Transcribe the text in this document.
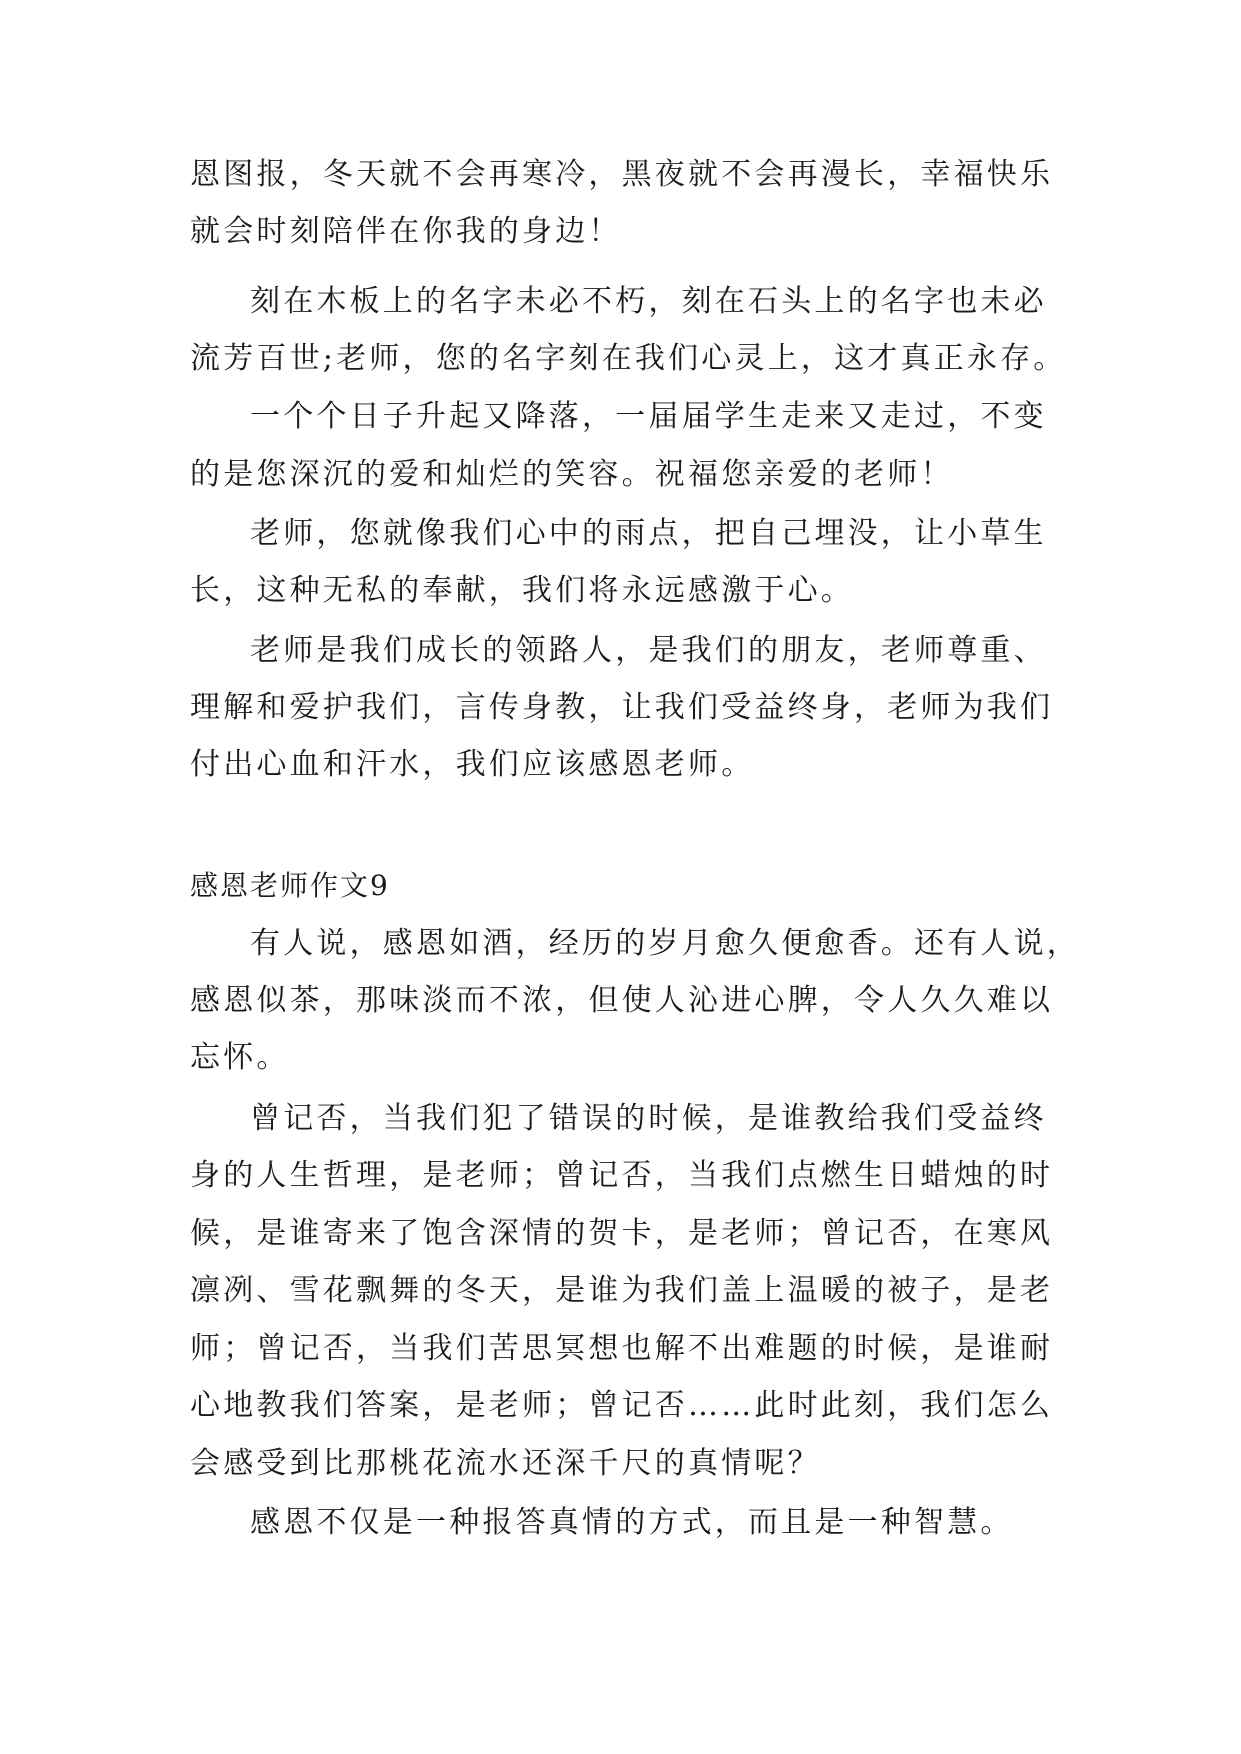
恩图报，冬天就不会再寒冷，黑夜就不会再漫长，幸福快乐
就会时刻陪伴在你我的身边！
刻在木板上的名字未必不朽，刻在石头上的名字也未必
流芳百世;老师，您的名字刻在我们心灵上，这才真正永存。
一个个日子升起又降落，一届届学生走来又走过，不变
的是您深沉的爱和灿烂的笑容。祝福您亲爱的老师！
老师，您就像我们心中的雨点，把自己埋没，让小草生
长，这种无私的奉献，我们将永远感激于心。
老师是我们成长的领路人，是我们的朋友，老师尊重、
理解和爱护我们，言传身教，让我们受益终身，老师为我们
付出心血和汗水，我们应该感恩老师。
感恩老师作文9
有人说，感恩如酒，经历的岁月愈久便愈香。还有人说，
感恩似茶，那味淡而不浓，但使人沁进心脾，令人久久难以
忘怀。
曾记否，当我们犯了错误的时候，是谁教给我们受益终
身的人生哲理，是老师；曾记否，当我们点燃生日蜡烛的时
候，是谁寄来了饱含深情的贺卡，是老师；曾记否，在寒风
凛冽、雪花飘舞的冬天，是谁为我们盖上温暖的被子，是老
师；曾记否，当我们苦思冥想也解不出难题的时候，是谁耐
心地教我们答案，是老师；曾记否……此时此刻，我们怎么
会感受到比那桃花流水还深千尺的真情呢？
感恩不仅是一种报答真情的方式，而且是一种智慧。
